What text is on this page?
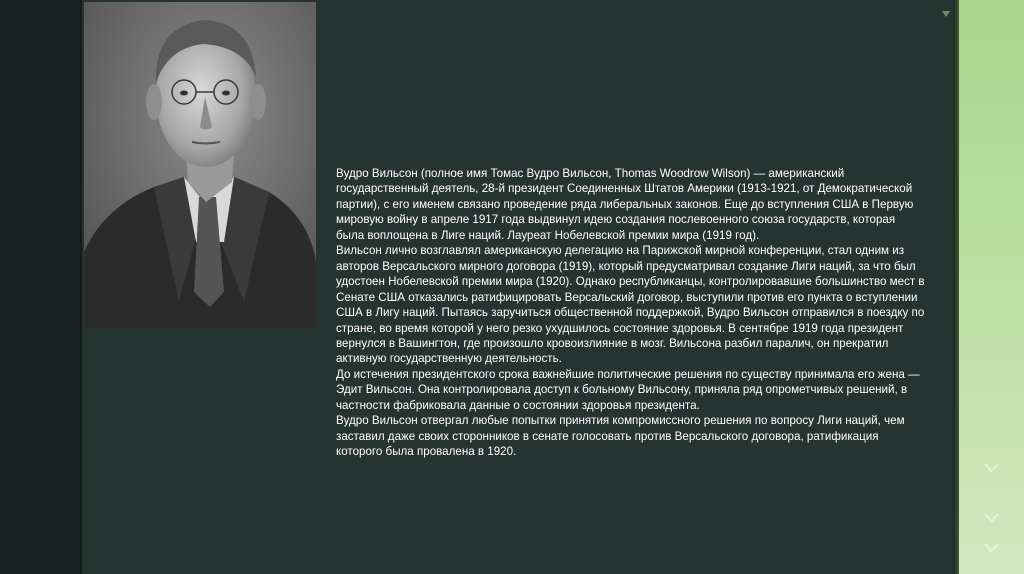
›
›
›

Вудро Вильсон (полное имя Томас Вудро Вильсон, Thomas Woodrow Wilson) — американский государственный деятель, 28-й президент Соединенных Штатов Америки (1913-1921, от Демократической партии), с его именем связано проведение ряда либеральных законов. Еще до вступления США в Первую мировую войну в апреле 1917 года выдвинул идею создания послевоенного союза государств, которая была воплощена в Лиге наций. Лауреат Нобелевской премии мира (1919 год).

Вильсон лично возглавлял американскую делегацию на Парижской мирной конференции, стал одним из авторов Версальского мирного договора (1919), который предусматривал создание Лиги наций, за что был удостоен Нобелевской премии мира (1920). Однако республиканцы, контролировавшие большинство мест в Сенате США отказались ратифицировать Версальский договор, выступили против его пункта о вступлении США в Лигу наций. Пытаясь заручиться общественной поддержкой, Вудро Вильсон отправился в поездку по стране, во время которой у него резко ухудшилось состояние здоровья. В сентябре 1919 года президент вернулся в Вашингтон, где произошло кровоизлияние в мозг. Вильсона разбил паралич, он прекратил активную государственную деятельность.

До истечения президентского срока важнейшие политические решения по существу принимала его жена — Эдит Вильсон. Она контролировала доступ к больному Вильсону, приняла ряд опрометчивых решений, в частности фабриковала данные о состоянии здоровья президента.

Вудро Вильсон отвергал любые попытки принятия компромиссного решения по вопросу Лиги наций, чем заставил даже своих сторонников в сенате голосовать против Версальского договора, ратификация которого была провалена в 1920.
